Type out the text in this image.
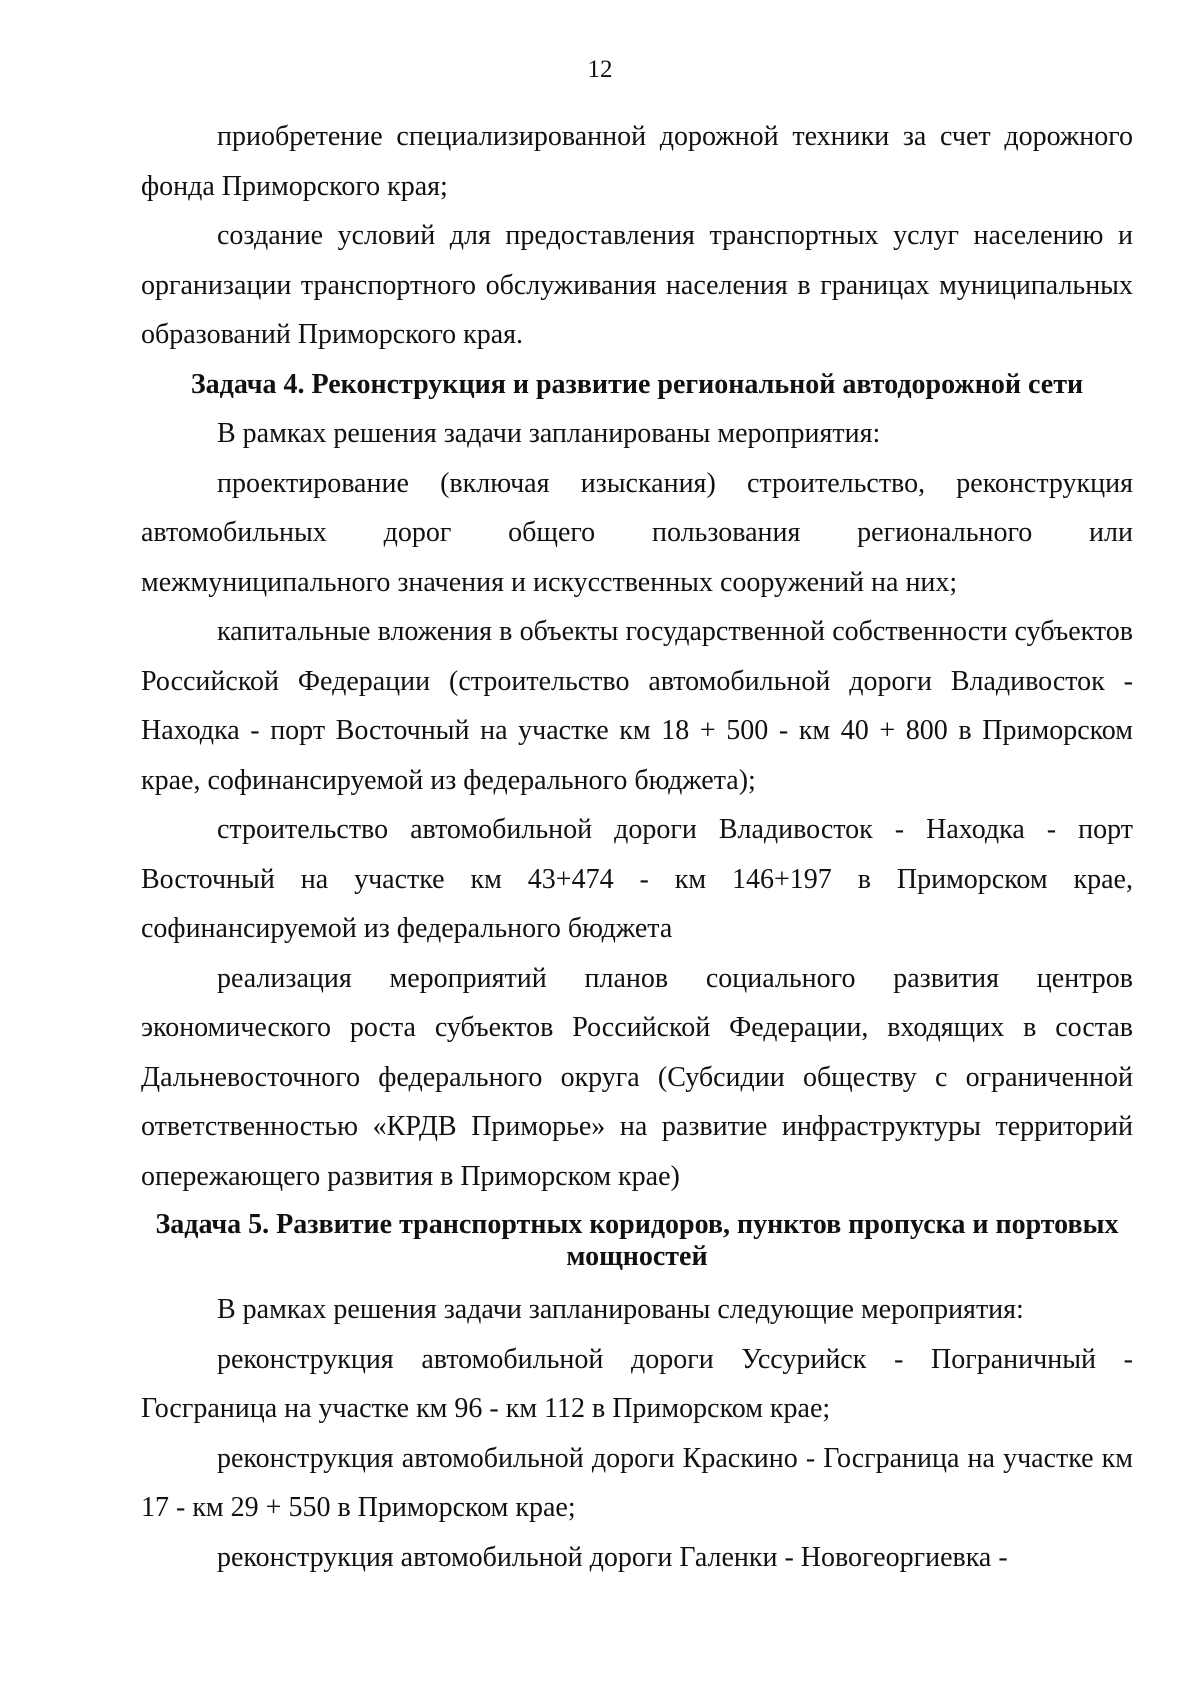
12

приобретение специализированной дорожной техники за счет дорожного фонда Приморского края;

создание условий для предоставления транспортных услуг населению и организации транспортного обслуживания населения в границах муниципальных образований Приморского края.

Задача 4. Реконструкция и развитие региональной автодорожной сети

В рамках решения задачи запланированы мероприятия:

проектирование (включая изыскания) строительство, реконструкция автомобильных дорог общего пользования регионального или межмуниципального значения и искусственных сооружений на них;

капитальные вложения в объекты государственной собственности субъектов Российской Федерации (строительство автомобильной дороги Владивосток - Находка - порт Восточный на участке км 18 + 500 - км 40 + 800 в Приморском крае, софинансируемой из федерального бюджета);

строительство автомобильной дороги Владивосток - Находка - порт Восточный на участке км 43+474 - км 146+197 в Приморском крае, софинансируемой из федерального бюджета

реализация мероприятий планов социального развития центров экономического роста субъектов Российской Федерации, входящих в состав Дальневосточного федерального округа (Субсидии обществу с ограниченной ответственностью «КРДВ Приморье» на развитие инфраструктуры территорий опережающего развития в Приморском крае)

Задача 5. Развитие транспортных коридоров, пунктов пропуска и портовых мощностей

В рамках решения задачи запланированы следующие мероприятия:

реконструкция автомобильной дороги Уссурийск - Пограничный - Госграница на участке км 96 - км 112 в Приморском крае;

реконструкция автомобильной дороги Краскино - Госграница на участке км 17 - км 29 + 550 в Приморском крае;

реконструкция автомобильной дороги Галенки - Новогеоргиевка -
